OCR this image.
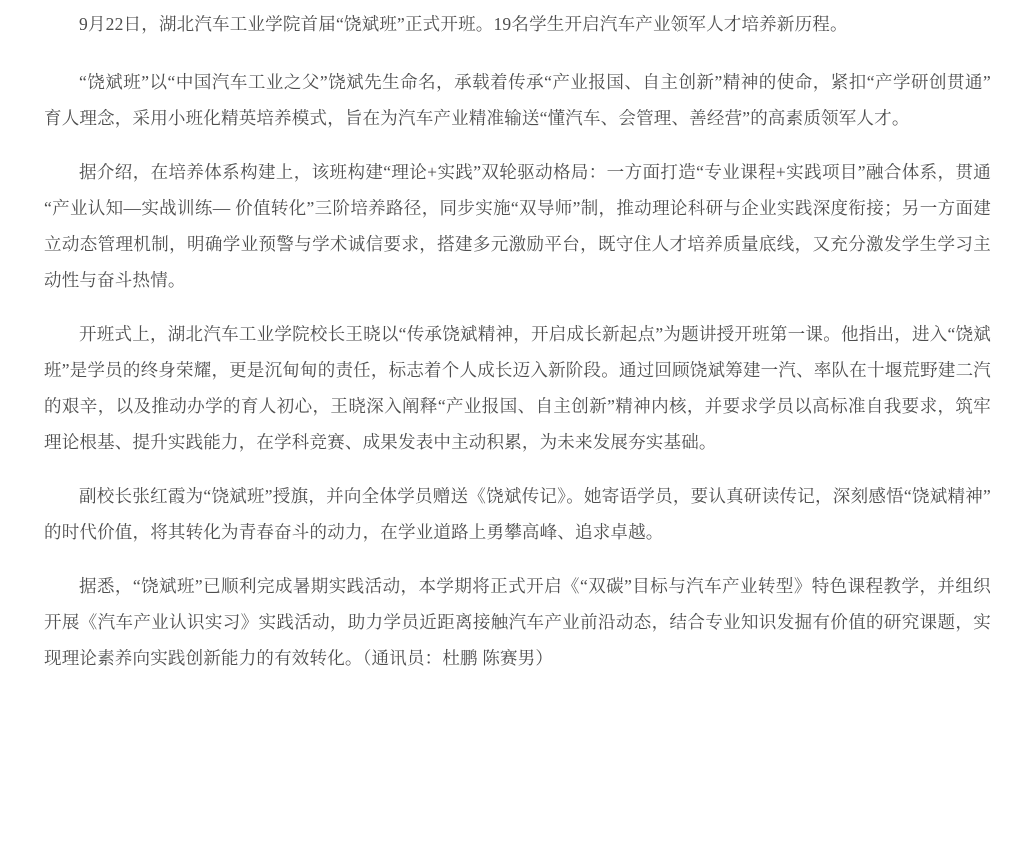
9月22日，湖北汽车工业学院首届“饶斌班”正式开班。19名学生开启汽车产业领军人才培养新历程。

“饶斌班”以“中国汽车工业之父”饶斌先生命名，承载着传承“产业报国、自主创新”精神的使命，紧扣“产学研创贯通”育人理念，采用小班化精英培养模式，旨在为汽车产业精准输送“懂汽车、会管理、善经营”的高素质领军人才。

据介绍，在培养体系构建上，该班构建“理论+实践”双轮驱动格局：一方面打造“专业课程+实践项目”融合体系，贯通“产业认知—实战训练— 价值转化”三阶培养路径，同步实施“双导师”制，推动理论科研与企业实践深度衔接；另一方面建立动态管理机制，明确学业预警与学术诚信要求，搭建多元激励平台，既守住人才培养质量底线，又充分激发学生学习主动性与奋斗热情。

开班式上，湖北汽车工业学院校长王晓以“传承饶斌精神，开启成长新起点”为题讲授开班第一课。他指出，进入“饶斌班”是学员的终身荣耀，更是沉甸甸的责任，标志着个人成长迈入新阶段。通过回顾饶斌筹建一汽、率队在十堰荒野建二汽的艰辛，以及推动办学的育人初心，王晓深入阐释“产业报国、自主创新”精神内核，并要求学员以高标准自我要求，筑牢理论根基、提升实践能力，在学科竞赛、成果发表中主动积累，为未来发展夯实基础。

副校长张红霞为“饶斌班”授旗，并向全体学员赠送《饶斌传记》。她寄语学员，要认真研读传记，深刻感悟“饶斌精神”的时代价值，将其转化为青春奋斗的动力，在学业道路上勇攀高峰、追求卓越。

据悉，“饶斌班”已顺利完成暑期实践活动，本学期将正式开启《“双碳”目标与汽车产业转型》特色课程教学，并组织开展《汽车产业认识实习》实践活动，助力学员近距离接触汽车产业前沿动态，结合专业知识发掘有价值的研究课题，实现理论素养向实践创新能力的有效转化。（通讯员：杜鹏 陈赛男）
